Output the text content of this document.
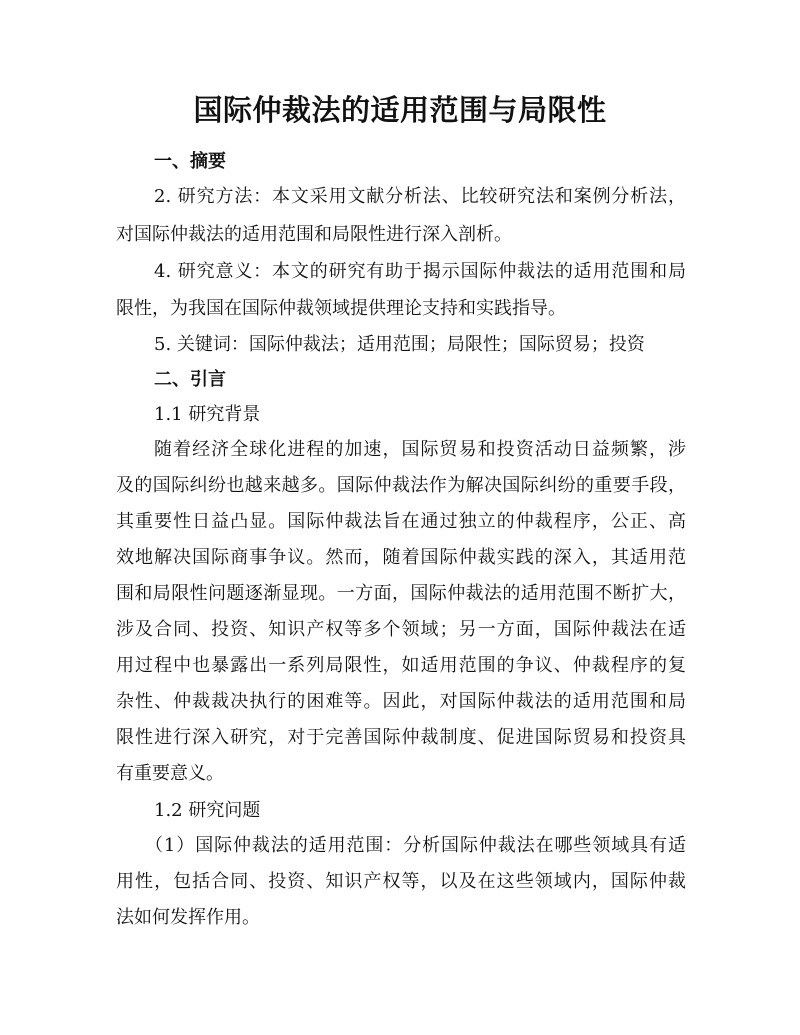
国际仲裁法的适用范围与局限性

一、摘要

2. 研究方法：本文采用文献分析法、比较研究法和案例分析法，

对国际仲裁法的适用范围和局限性进行深入剖析。

4. 研究意义：本文的研究有助于揭示国际仲裁法的适用范围和局

限性，为我国在国际仲裁领域提供理论支持和实践指导。

5. 关键词：国际仲裁法；适用范围；局限性；国际贸易；投资

二、引言

1.1 研究背景

随着经济全球化进程的加速，国际贸易和投资活动日益频繁，涉

及的国际纠纷也越来越多。国际仲裁法作为解决国际纠纷的重要手段，

其重要性日益凸显。国际仲裁法旨在通过独立的仲裁程序，公正、高

效地解决国际商事争议。然而，随着国际仲裁实践的深入，其适用范

围和局限性问题逐渐显现。一方面，国际仲裁法的适用范围不断扩大，

涉及合同、投资、知识产权等多个领域；另一方面，国际仲裁法在适

用过程中也暴露出一系列局限性，如适用范围的争议、仲裁程序的复

杂性、仲裁裁决执行的困难等。因此，对国际仲裁法的适用范围和局

限性进行深入研究，对于完善国际仲裁制度、促进国际贸易和投资具

有重要意义。

1.2 研究问题

（1）国际仲裁法的适用范围：分析国际仲裁法在哪些领域具有适

用性，包括合同、投资、知识产权等，以及在这些领域内，国际仲裁

法如何发挥作用。
